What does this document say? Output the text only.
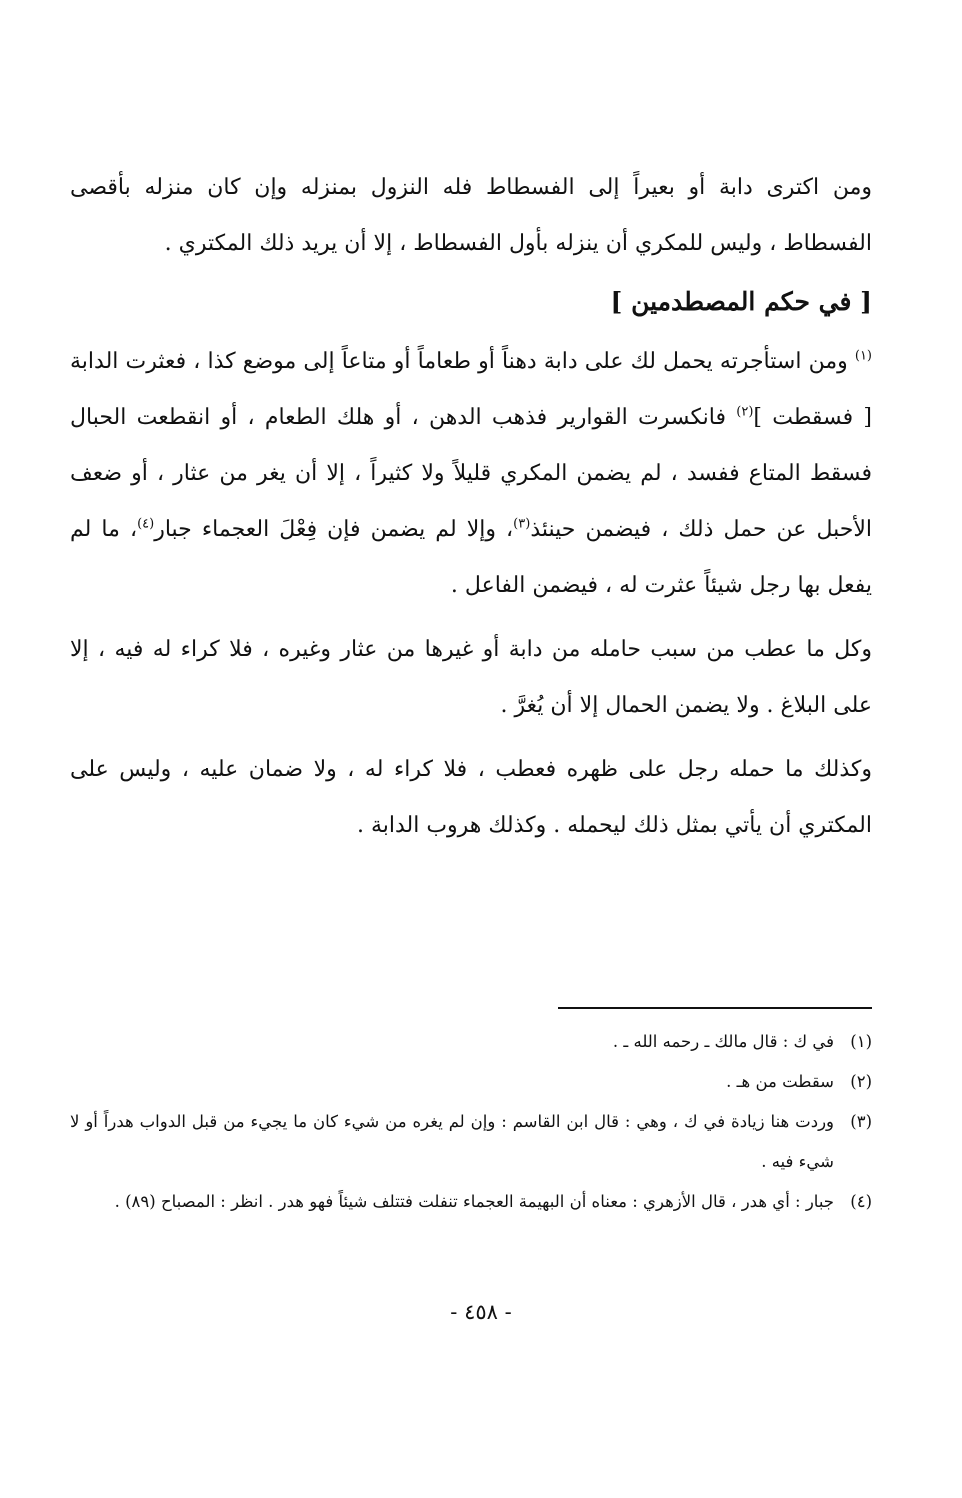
ومن اكترى دابة أو بعيراً إلى الفسطاط فله النزول بمنزله وإن كان منزله بأقصى الفسطاط ، وليس للمكري أن ينزله بأول الفسطاط ، إلا أن يريد ذلك المكتري .

[ في حكم المصطدمين ]

$^{(١)}$ ومن استأجرته يحمل لك على دابة دهناً أو طعاماً أو متاعاً إلى موضع كذا ، فعثرت الدابة [ فسقطت ]$^{(٢)}$ فانكسرت القوارير فذهب الدهن ، أو هلك الطعام ، أو انقطعت الحبال فسقط المتاع ففسد ، لم يضمن المكري قليلاً ولا كثيراً ، إلا أن يغر من عثار ، أو ضعف الأحبل عن حمل ذلك ، فيضمن حينئذ$^{(٣)}$، وإلا لم يضمن فإن فِعْلَ العجماء جبار$^{(٤)}$، ما لم يفعل بها رجل شيئاً عثرت له ، فيضمن الفاعل .

وكل ما عطب من سبب حامله من دابة أو غيرها من عثار وغيره ، فلا كراء له فيه ، إلا على البلاغ . ولا يضمن الحمال إلا أن يُغرَّ .

وكذلك ما حمله رجل على ظهره فعطب ، فلا كراء له ، ولا ضمان عليه ، وليس على المكتري أن يأتي بمثل ذلك ليحمله . وكذلك هروب الدابة .

(١)
في ك : قال مالك ـ رحمه الله ـ .
(٢)
سقطت من هـ .
(٣)
وردت هنا زيادة في ك ، وهي : قال ابن القاسم : وإن لم يغره من شيء كان ما يجيء من قبل الدواب هدراً أو لا شيء فيه .
(٤)
جبار : أي هدر ، قال الأزهري : معناه أن البهيمة العجماء تنفلت فتتلف شيئاً فهو هدر . انظر : المصباح (٨٩) .
- ٤٥٨ -
